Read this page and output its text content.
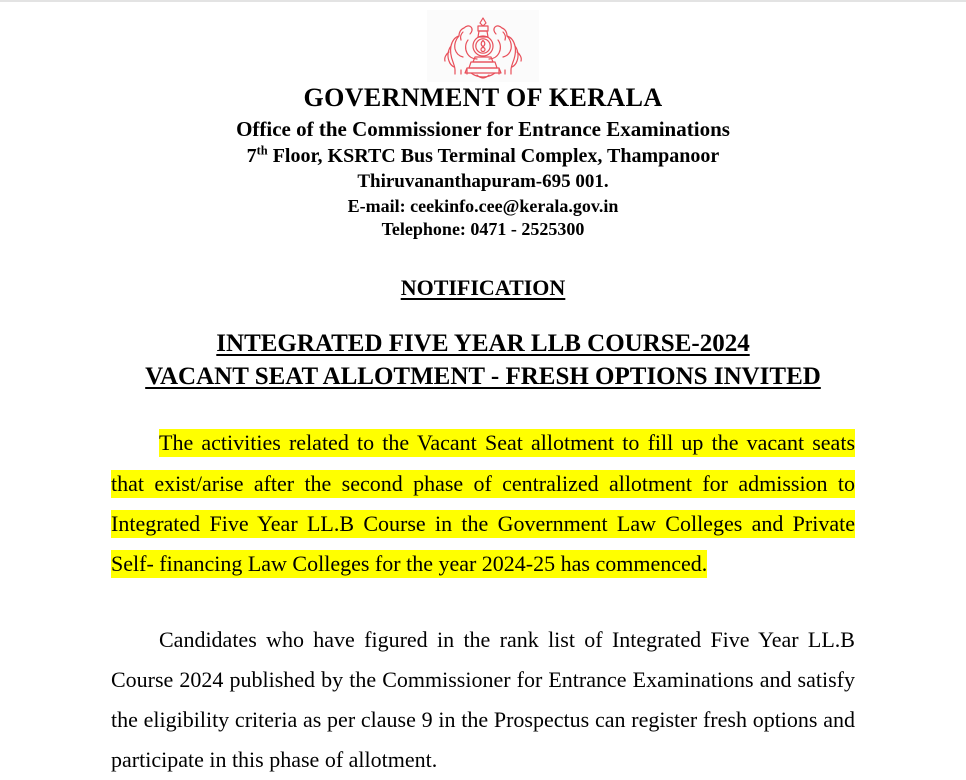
GOVERNMENT OF KERALA
Office of the Commissioner for Entrance Examinations
7th Floor, KSRTC Bus Terminal Complex, Thampanoor
Thiruvananthapuram-695 001.
E-mail: ceekinfo.cee@kerala.gov.in
Telephone: 0471 - 2525300
NOTIFICATION
INTEGRATED FIVE YEAR LLB COURSE-2024
VACANT SEAT ALLOTMENT - FRESH OPTIONS INVITED

The activities related to the Vacant Seat allotment to fill up the vacant seats that exist/arise after the second phase of centralized allotment for admission to Integrated Five Year LL.B Course in the Government Law Colleges and Private Self- financing Law Colleges for the year 2024-25 has commenced.

Candidates who have figured in the rank list of Integrated Five Year LL.B Course 2024 published by the Commissioner for Entrance Examinations and satisfy the eligibility criteria as per clause 9 in the Prospectus can register fresh options and participate in this phase of allotment.
